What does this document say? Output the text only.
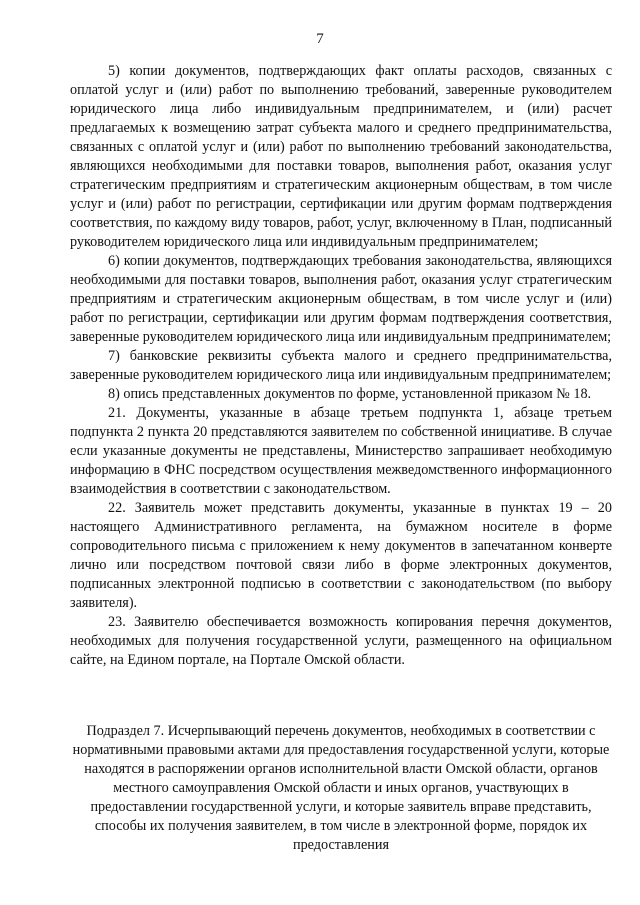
7

5) копии документов, подтверждающих факт оплаты расходов, связанных с оплатой услуг и (или) работ по выполнению требований, заверенные руководителем юридического лица либо индивидуальным предпринимателем, и (или) расчет предлагаемых к возмещению затрат субъекта малого и среднего предпринимательства, связанных с оплатой услуг и (или) работ по выполнению требований законодательства, являющихся необходимыми для поставки товаров, выполнения работ, оказания услуг стратегическим предприятиям и стратегическим акционерным обществам, в том числе услуг и (или) работ по регистрации, сертификации или другим формам подтверждения соответствия, по каждому виду товаров, работ, услуг, включенному в План, подписанный руководителем юридического лица или индивидуальным предпринимателем;

6) копии документов, подтверждающих требования законодательства, являющихся необходимыми для поставки товаров, выполнения работ, оказания услуг стратегическим предприятиям и стратегическим акционерным обществам, в том числе услуг и (или) работ по регистрации, сертификации или другим формам подтверждения соответствия, заверенные руководителем юридического лица или индивидуальным предпринимателем;

7) банковские реквизиты субъекта малого и среднего предпринимательства, заверенные руководителем юридического лица или индивидуальным предпринимателем;

8) опись представленных документов по форме, установленной приказом № 18.

21. Документы, указанные в абзаце третьем подпункта 1, абзаце третьем подпункта 2 пункта 20 представляются заявителем по собственной инициативе. В случае если указанные документы не представлены, Министерство запрашивает необходимую информацию в ФНС посредством осуществления межведомственного информационного взаимодействия в соответствии с законодательством.

22. Заявитель может представить документы, указанные в пунктах 19 – 20 настоящего Административного регламента, на бумажном носителе в форме сопроводительного письма с приложением к нему документов в запечатанном конверте лично или посредством почтовой связи либо в форме электронных документов, подписанных электронной подписью в соответствии с законодательством (по выбору заявителя).

23. Заявителю обеспечивается возможность копирования перечня документов, необходимых для получения государственной услуги, размещенного на официальном сайте, на Едином портале, на Портале Омской области.

Подраздел 7. Исчерпывающий перечень документов, необходимых в соответствии с нормативными правовыми актами для предоставления государственной услуги, которые находятся в распоряжении органов исполнительной власти Омской области, органов местного самоуправления Омской области и иных органов, участвующих в предоставлении государственной услуги, и которые заявитель вправе представить, способы их получения заявителем, в том числе в электронной форме, порядок их предоставления
